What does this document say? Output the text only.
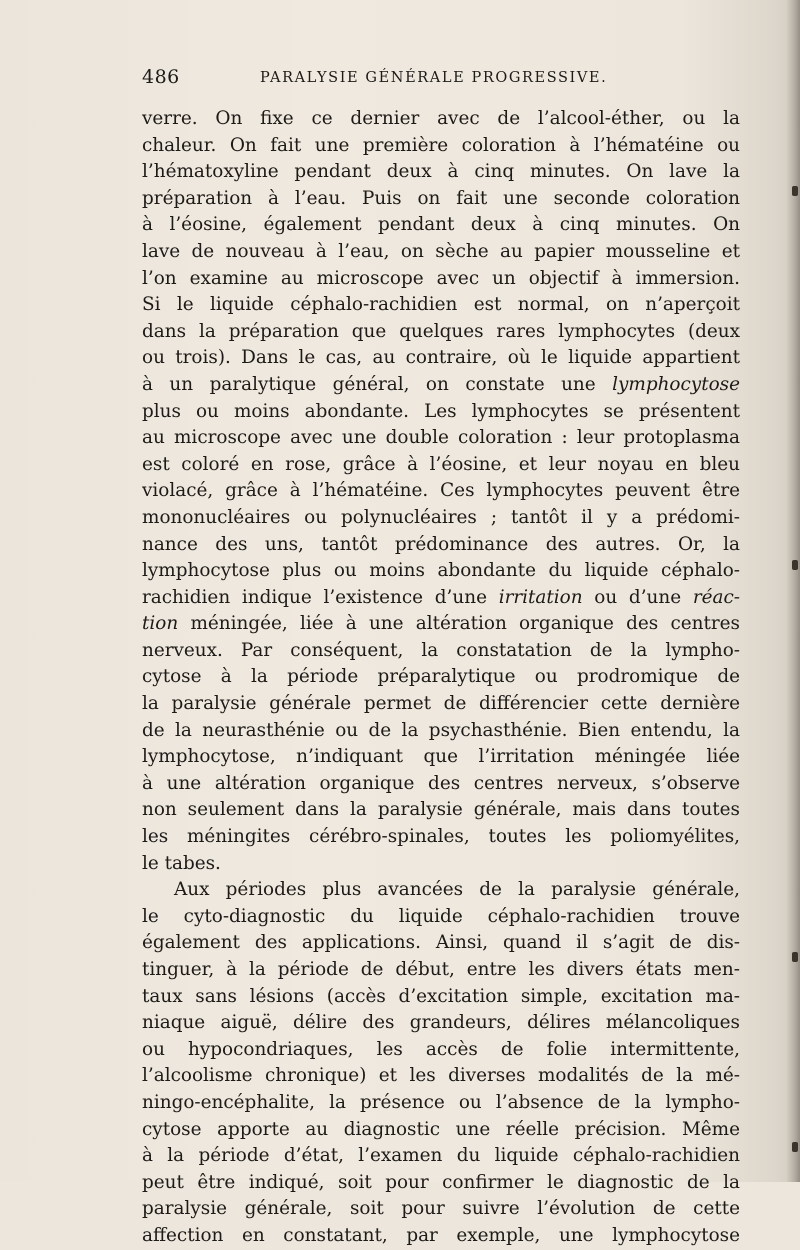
486	PARALYSIE GÉNÉRALE PROGRESSIVE.
verre. On fixe ce dernier avec de l’alcool-éther, ou la
chaleur. On fait une première coloration à l’hématéine ou
l’hématoxyline pendant deux à cinq minutes. On lave la
préparation à l’eau. Puis on fait une seconde coloration
à l’éosine, également pendant deux à cinq minutes. On
lave de nouveau à l’eau, on sèche au papier mousseline et
l’on examine au microscope avec un objectif à immersion.
Si le liquide céphalo-rachidien est normal, on n’aperçoit
dans la préparation que quelques rares lymphocytes (deux
ou trois). Dans le cas, au contraire, où le liquide appartient
à un paralytique général, on constate une lymphocytose
plus ou moins abondante. Les lymphocytes se présentent
au microscope avec une double coloration : leur protoplasma
est coloré en rose, grâce à l’éosine, et leur noyau en bleu
violacé, grâce à l’hématéine. Ces lymphocytes peuvent être
mononucléaires ou polynucléaires ; tantôt il y a prédomi-
nance des uns, tantôt prédominance des autres. Or, la
lymphocytose plus ou moins abondante du liquide céphalo-
rachidien indique l’existence d’une irritation ou d’une réac-
tion méningée, liée à une altération organique des centres
nerveux. Par conséquent, la constatation de la lympho-
cytose à la période préparalytique ou prodromique de
la paralysie générale permet de différencier cette dernière
de la neurasthénie ou de la psychasthénie. Bien entendu, la
lymphocytose, n’indiquant que l’irritation méningée liée
à une altération organique des centres nerveux, s’observe
non seulement dans la paralysie générale, mais dans toutes
les méningites cérébro-spinales, toutes les poliomyélites,
le tabes.
Aux périodes plus avancées de la paralysie générale,
le cyto-diagnostic du liquide céphalo-rachidien trouve
également des applications. Ainsi, quand il s’agit de dis-
tinguer, à la période de début, entre les divers états men-
taux sans lésions (accès d’excitation simple, excitation ma-
niaque aiguë, délire des grandeurs, délires mélancoliques
ou hypocondriaques, les accès de folie intermittente,
l’alcoolisme chronique) et les diverses modalités de la mé-
ningo-encéphalite, la présence ou l’absence de la lympho-
cytose apporte au diagnostic une réelle précision. Même
à la période d’état, l’examen du liquide céphalo-rachidien
peut être indiqué, soit pour confirmer le diagnostic de la
paralysie générale, soit pour suivre l’évolution de cette
affection en constatant, par exemple, une lymphocytose
